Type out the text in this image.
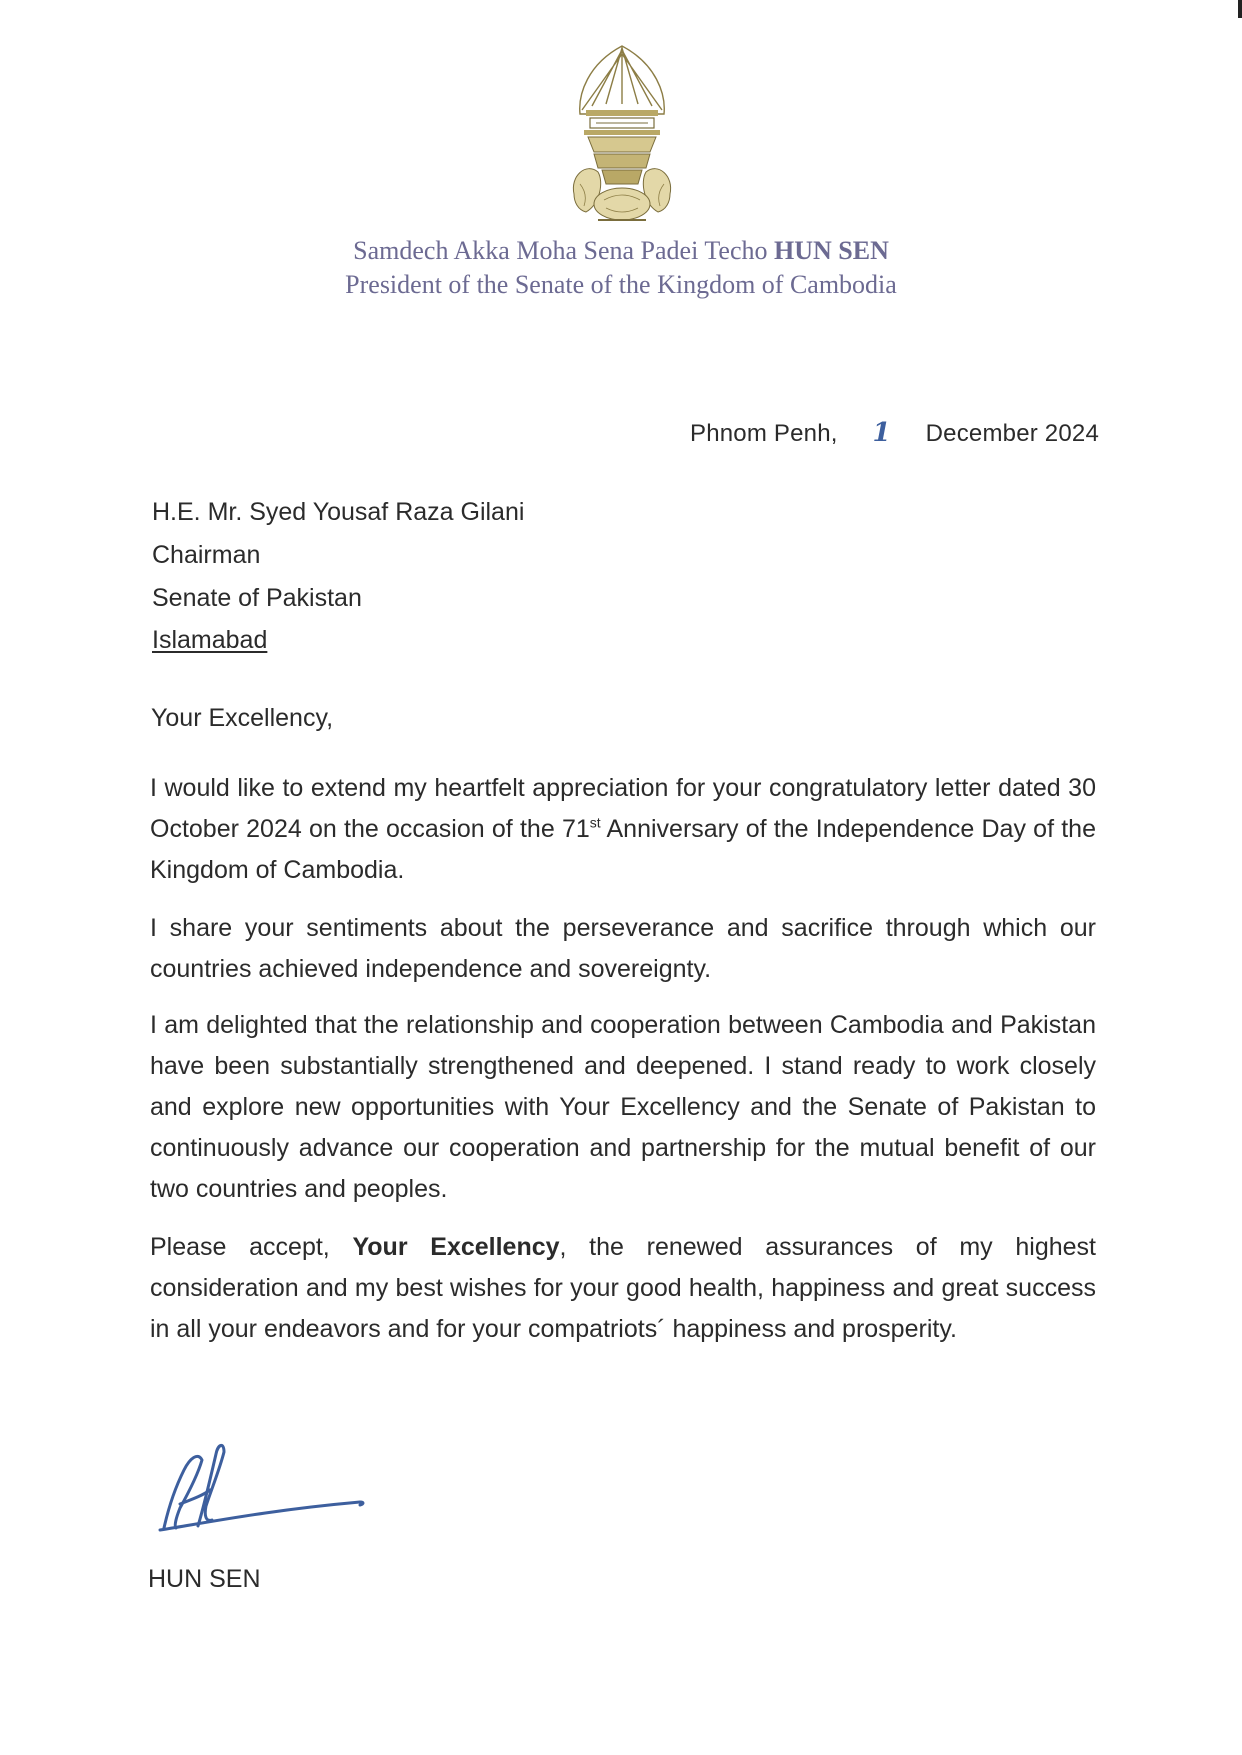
Samdech Akka Moha Sena Padei Techo HUN SEN
President of the Senate of the Kingdom of Cambodia
Phnom Penh, 1 December 2024
H.E. Mr. Syed Yousaf Raza Gilani
Chairman
Senate of Pakistan
Islamabad
Your Excellency,

I would like to extend my heartfelt appreciation for your congratulatory letter dated 30 October 2024 on the occasion of the 71st Anniversary of the Independence Day of the Kingdom of Cambodia.

I share your sentiments about the perseverance and sacrifice through which our countries achieved independence and sovereignty.

I am delighted that the relationship and cooperation between Cambodia and Pakistan have been substantially strengthened and deepened. I stand ready to work closely and explore new opportunities with Your Excellency and the Senate of Pakistan to continuously advance our cooperation and partnership for the mutual benefit of our two countries and peoples.

Please accept, Your Excellency, the renewed assurances of my highest consideration and my best wishes for your good health, happiness and great success in all your endeavors and for your compatriots´ happiness and prosperity.

HUN SEN
